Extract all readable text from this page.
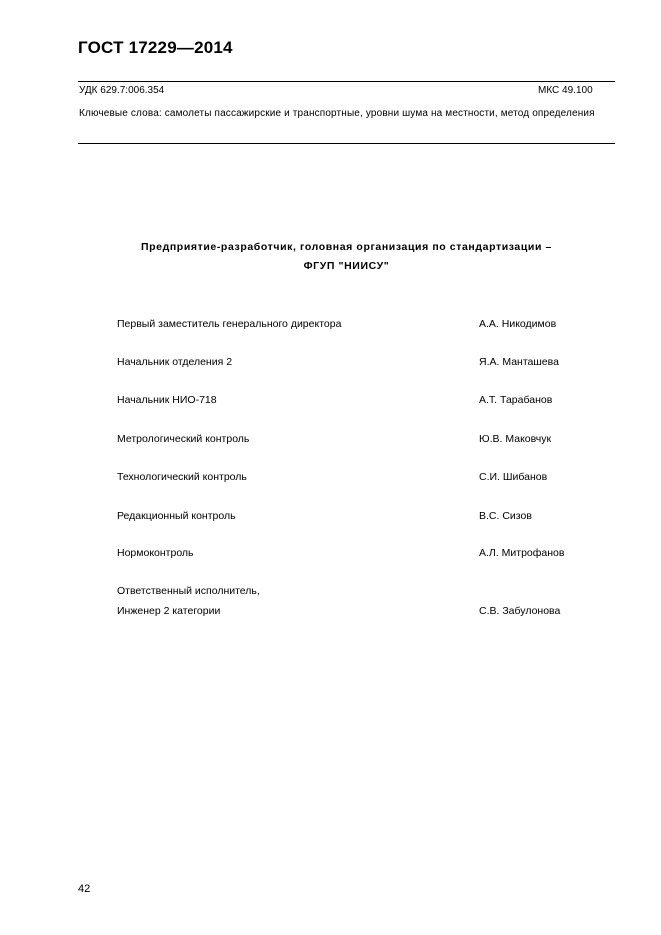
ГОСТ 17229—2014
УДК 629.7:006.354	МКС 49.100
Ключевые слова: самолеты пассажирские и транспортные, уровни шума на местности, метод определения
Предприятие-разработчик, головная организация по стандартизации –
ФГУП "НИИСУ"
Первый заместитель генерального директора	А.А. Никодимов
Начальник отделения 2	Я.А. Манташева
Начальник НИО-718	А.Т. Тарабанов
Метрологический контроль	Ю.В. Маковчук
Технологический контроль	С.И. Шибанов
Редакционный контроль	В.С. Сизов
Нормоконтроль	А.Л. Митрофанов
Ответственный исполнитель,
Инженер 2 категории	С.В. Забулонова
42
